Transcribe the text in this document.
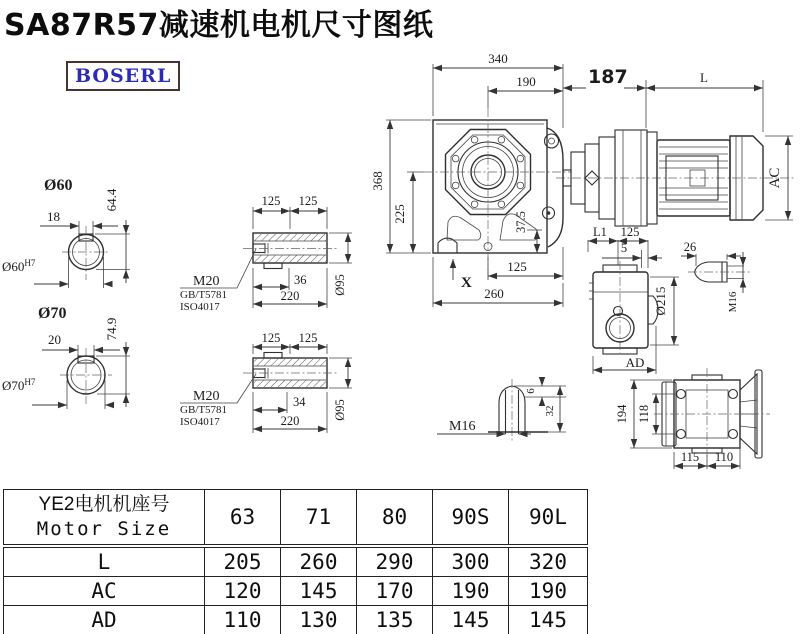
Ø60
18
64.4
$Ø60^{H7}$
Ø70
20	74.9
$Ø70^{H7}$
125 125
M20
GB/T5781
ISO4017
36
220
Ø95
125 125
M20
GB/T5781
ISO4017
34
220
Ø95
340
190
X
368
225	37.5
125
260
187	L
AC
L1 125
5
Ø215
AD
26
M16
6
32
M16
194 118
115 110
SA87R57减速机电机尺寸图纸
BOSERL
YE2电机机座号
Motor Size	63	71	80	90S	90L
L	205	260	290	300	320
AC	120	145	170	190	190
AD	110	130	135	145	145
